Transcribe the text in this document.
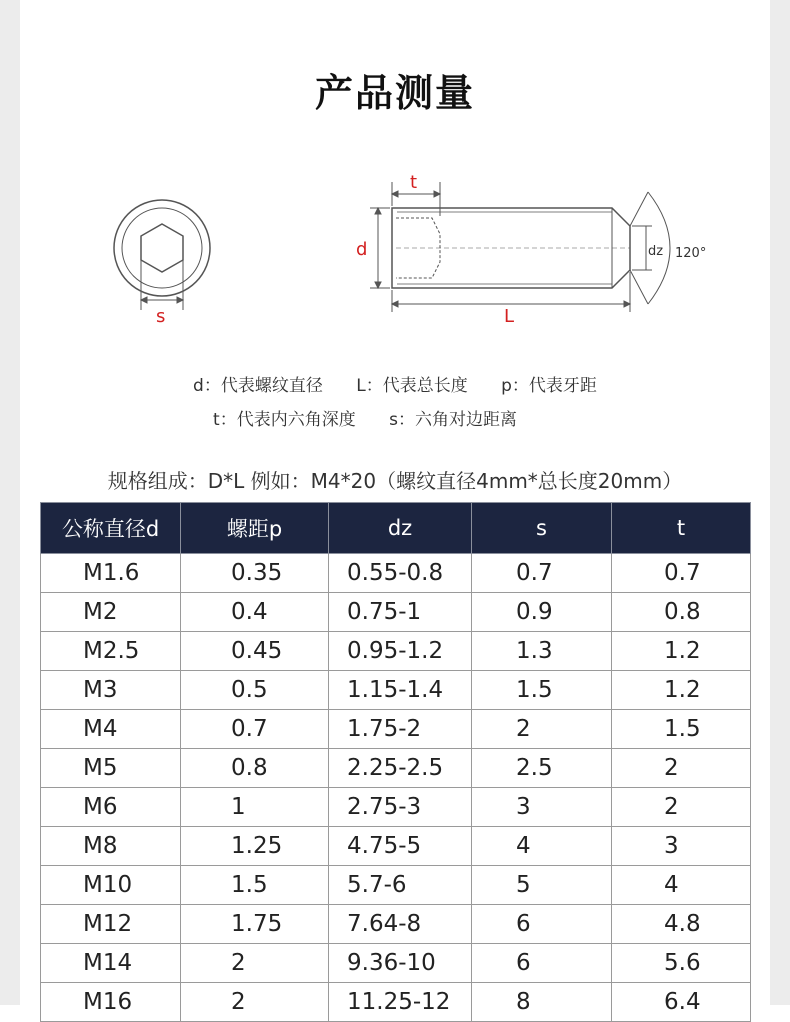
产品测量
s
t
d
L
dz 120°
d：代表螺纹直径 L：代表总长度 p：代表牙距
t：代表内六角深度 s：六角对边距离
规格组成：D*L 例如：M4*20（螺纹直径4mm*总长度20mm）
公称直径d	螺距p	dz	s	t
M1.6	0.35	0.55-0.8	0.7	0.7
M2	0.4	0.75-1	0.9	0.8
M2.5	0.45	0.95-1.2	1.3	1.2
M3	0.5	1.15-1.4	1.5	1.2
M4	0.7	1.75-2	2	1.5
M5	0.8	2.25-2.5	2.5	2
M6	1	2.75-3	3	2
M8	1.25	4.75-5	4	3
M10	1.5	5.7-6	5	4
M12	1.75	7.64-8	6	4.8
M14	2	9.36-10	6	5.6
M16	2	11.25-12	8	6.4
